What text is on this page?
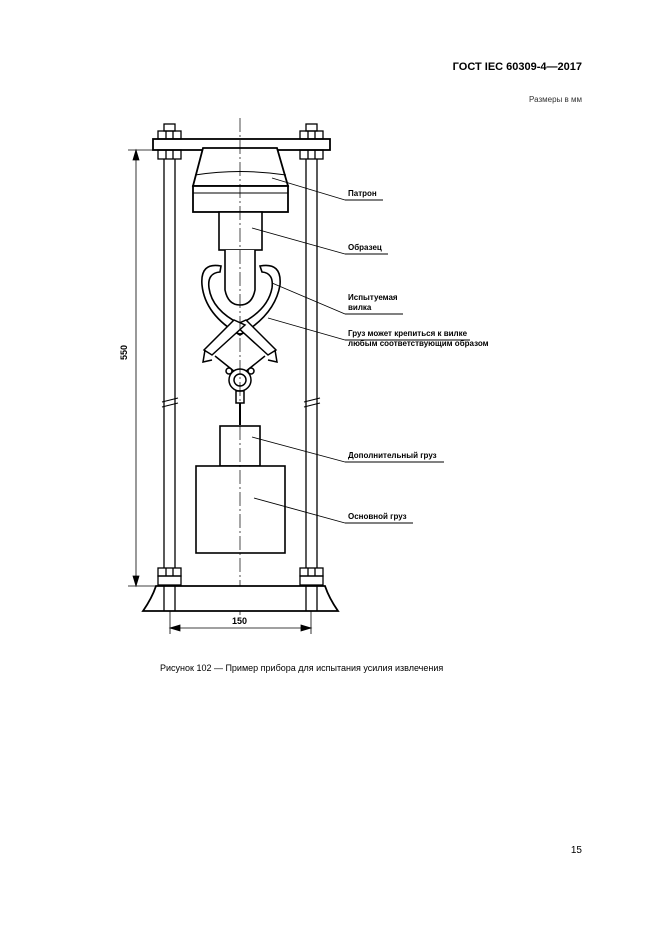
ГОСТ IEC 60309-4—2017
Размеры в мм
550
150
Патрон
Образец
Испытуемая
вилка
Груз может крепиться к вилке
любым соответствующим образом
Дополнительный груз
Основной груз
Рисунок 102 — Пример прибора для испытания усилия извлечения
15
